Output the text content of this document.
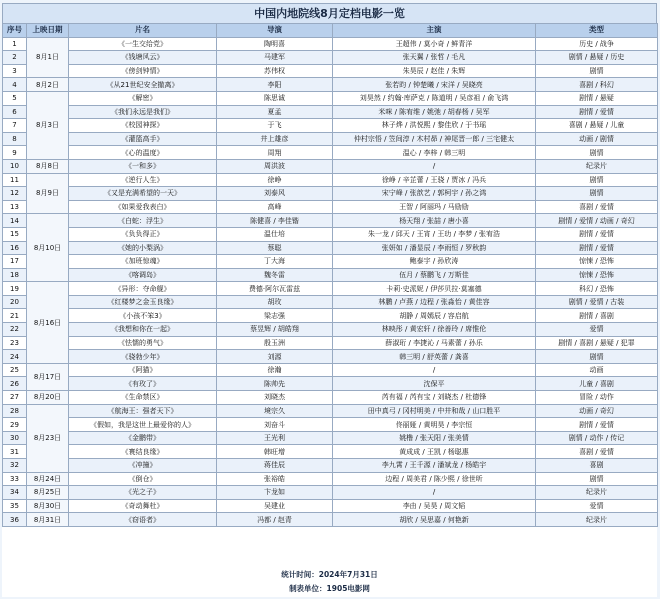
中国内地院线8月定档电影一览
序号	上映日期	片名	导演	主演	类型
1	8月1日	《一生交给党》	陶明喜	王超伟 / 莫小奇 / 鲜青洋	历史 / 战争
2		《钱塘风云》	马建军	张天翼 / 张哲 / 毛凡	剧情 / 悬疑 / 历史
3		《傍剑钟情》	苏伟权	朱昊辰 / 赵佳 / 朱辉	剧情
4	8月2日	《从21世纪安全撤离》	李阳	张若昀 / 钟楚曦 / 宋洋 / 吴晓亮	喜剧 / 科幻
5	8月3日	《解密》	陈思诚	刘昊然 / 约翰·库萨克 / 陈道明 / 吴彦祖 / 俞飞鸿	剧情 / 悬疑
6		《我们永远是我们》	夏孟	米咪 / 陈宥维 / 姚弛 / 胡春杨 / 吴军	剧情 / 爱情
7		《校园神探》	于飞	林子烨 / 洪悦熙 / 黎佳欣 / 于书瑶	喜剧 / 悬疑 / 儿童
8		《灌篮高手》	井上雄彦	仲村宗悟 / 笠间淳 / 木村昴 / 神尾晋一郎 / 三宅健太	动画 / 剧情
9		《心的温度》	周翔	温心 / 李梓 / 韩三明	剧情
10	8月8日	《一和多》	周洪波	/	纪录片
11	8月9日	《逆行人生》	徐峥	徐峥 / 辛芷蕾 / 王骁 / 贾冰 / 冯兵	剧情
12		《又是充满希望的一天》	刘泰风	宋宁峰 / 张歆艺 / 郭柯宇 / 孙之鸿	剧情
13		《如果爱我表白》	高峰	王智 / 阿丽玛 / 马励励	喜剧 / 爱情
14	8月10日	《白蛇：浮生》	陈健喜 / 李佳锴	杨天翔 / 张喆 / 唐小喜	剧情 / 爱情 / 动画 / 奇幻
15		《负负得正》	温仕培	朱一龙 / 邱天 / 王宵 / 王玏 / 李梦 / 张宥浩	剧情 / 爱情
16		《她的小梨涡》	蔡聪	张妍如 / 潘显辰 / 李雨恒 / 罗秋韵	剧情 / 爱情
17		《加班惊魂》	丁大海	鲍泰宇 / 孙欣涛	惊悚 / 恐怖
18		《喀调岛》	魏冬雷	伍月 / 蔡鹏飞 / 万斯佳	惊悚 / 恐怖
19	8月16日	《异形：夺命舰》	费德·阿尔瓦雷兹	卡莉·史派妮 / 伊莎贝拉·莫塞德	科幻 / 恐怖
20		《红楼梦之金玉良缘》	胡玫	林鹏 / 卢燕 / 边程 / 张淼怡 / 黄佳容	剧情 / 爱情 / 古装
21		《小孩不笨3》	梁志强	胡静 / 周嫣辰 / 容启航	剧情 / 喜剧
22		《我想和你在一起》	蔡昱辉 / 胡皓翔	林映彤 / 黄宏轩 / 徐善玲 / 席惟伦	爱情
23		《怯懦的勇气》	殷玉洲	薛淑珩 / 李捷沁 / 马素蕾 / 孙乐	剧情 / 喜剧 / 悬疑 / 犯罪
24		《骁勃少年》	刘源	韩三明 / 舒英蕾 / 龚喜	剧情
25	8月17日	《阿猫》	徐瀚	/	动画
26		《有玫了》	陈帅先	沈保平	儿童 / 喜剧
27	8月20日	《生命禁区》	刘晓杰	芮有福 / 芮有宝 / 刘晓杰 / 杜德锋	冒险 / 动作
28	8月23日	《航海王：强者天下》	境宗久	田中真弓 / 冈村明美 / 中井和哉 / 山口胜平	动画 / 奇幻
29		《假如，我是这世上最爱你的人》	刘奋斗	佟丽娅 / 黄明昊 / 李宗恒	剧情 / 爱情
30		《金鹏带》	王光利	姚橹 / 张天阳 / 张美情	剧情 / 动作 / 传记
31		《寰结良缘》	韩旺增	黄成成 / 王凯 / 杨聪惠	喜剧 / 爱情
32		《冲撞》	蒋佳辰	李九霄 / 王千源 / 潘斌龙 / 杨皓宇	喜剧
33	8月24日	《倒仓》	张裕皓	边程 / 周美君 / 陈少熙 / 徐世昕	剧情
34	8月25日	《光之子》	卞龙如	/	纪录片
35	8月30日	《奇动舞杜》	吴建业	李由 / 吴昊 / 周文韬	爱情
36	8月31日	《窃语者》	冯都 / 赵青	胡欣 / 吴思嘉 / 何艳新	纪录片
统计时间：2024年7月31日
制表单位：1905电影网
